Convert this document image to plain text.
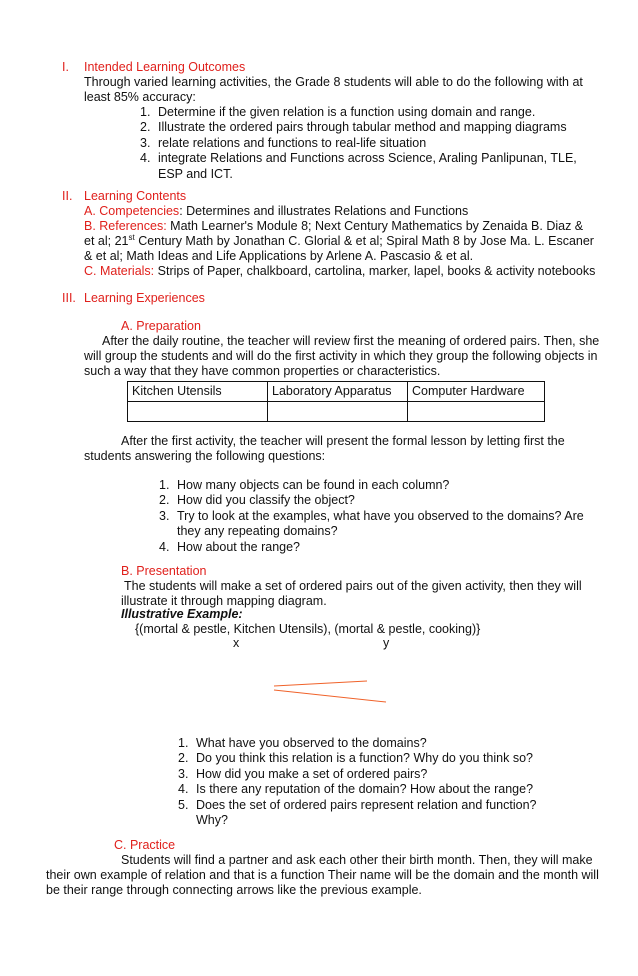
I. Intended Learning Outcomes

Through varied learning activities, the Grade 8 students will able to do the following with at

least 85% accuracy:

1. Determine if the given relation is a function using domain and range.
2. Illustrate the ordered pairs through tabular method and mapping diagrams
3. relate relations and functions to real-life situation
4. integrate Relations and Functions across Science, Araling Panlipunan, TLE,
ESP and ICT.
II. Learning Contents

A. Competencies: Determines and illustrates Relations and Functions

B. References: Math Learner's Module 8; Next Century Mathematics by Zenaida B. Diaz &

et al; 21st Century Math by Jonathan C. Glorial & et al; Spiral Math 8 by Jose Ma. L. Escaner

& et al; Math Ideas and Life Applications by Arlene A. Pascasio & et al.

C. Materials: Strips of Paper, chalkboard, cartolina, marker, lapel, books & activity notebooks

III. Learning Experiences

A. Preparation

After the daily routine, the teacher will review first the meaning of ordered pairs. Then, she

will group the students and will do the first activity in which they group the following objects in

such a way that they have common properties or characteristics.

Kitchen Utensils	Laboratory Apparatus	Computer Hardware

After the first activity, the teacher will present the formal lesson by letting first the

students answering the following questions:

1. How many objects can be found in each column?
2. How did you classify the object?
3. Try to look at the examples, what have you observed to the domains? Are
they any repeating domains?
4. How about the range?

B. Presentation

The students will make a set of ordered pairs out of the given activity, then they will

illustrate it through mapping diagram.

Illustrative Example:

{(mortal & pestle, Kitchen Utensils), (mortal & pestle, cooking)}

x	y

1. What have you observed to the domains?
2. Do you think this relation is a function? Why do you think so?
3. How did you make a set of ordered pairs?
4. Is there any reputation of the domain? How about the range?
5. Does the set of ordered pairs represent relation and function?
Why?

C. Practice

Students will find a partner and ask each other their birth month. Then, they will make

their own example of relation and that is a function Their name will be the domain and the month will

be their range through connecting arrows like the previous example.
